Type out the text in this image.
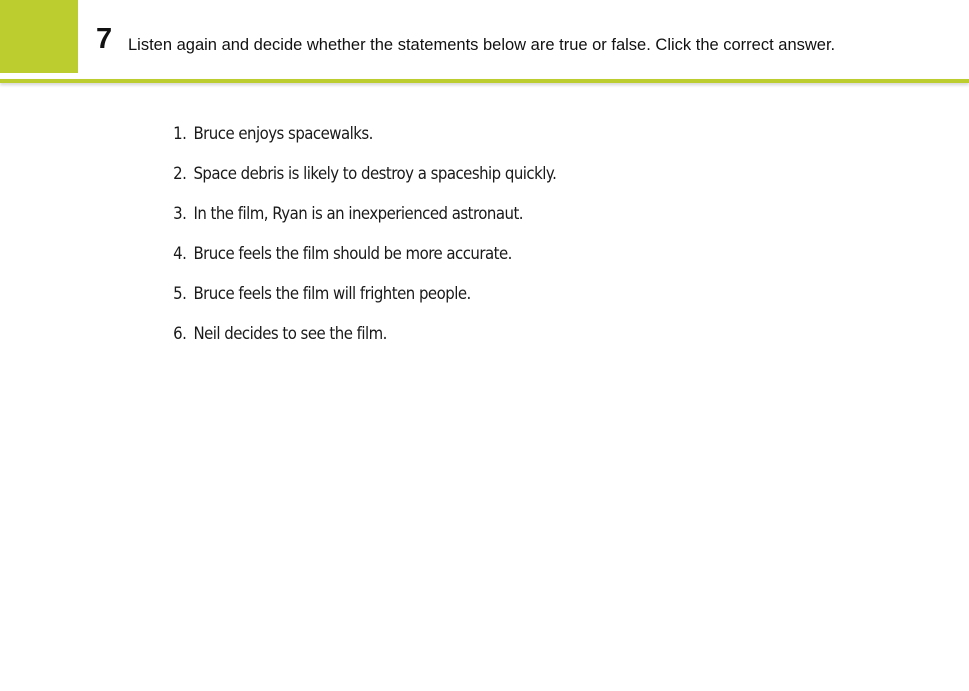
7 Listen again and decide whether the statements below are true or false. Click the correct answer.
1. Bruce enjoys spacewalks.
2. Space debris is likely to destroy a spaceship quickly.
3. In the film, Ryan is an inexperienced astronaut.
4. Bruce feels the film should be more accurate.
5. Bruce feels the film will frighten people.
6. Neil decides to see the film.
